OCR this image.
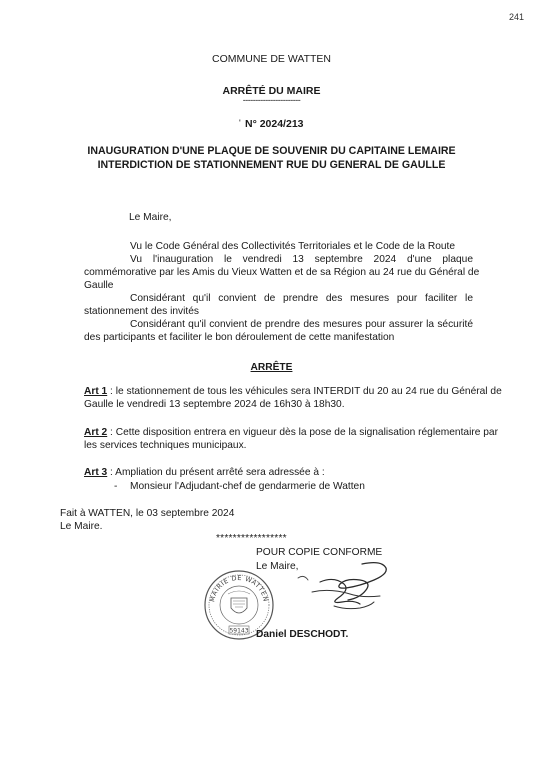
241
COMMUNE DE WATTEN
ARRÊTÉ DU MAIRE
-----------------------
' N° 2024/213
INAUGURATION D'UNE PLAQUE DE SOUVENIR DU CAPITAINE LEMAIRE
INTERDICTION DE STATIONNEMENT RUE DU GENERAL DE GAULLE
Le Maire,
Vu le Code Général des Collectivités Territoriales et le Code de la Route
Vu l'inauguration le vendredi 13 septembre 2024 d'une plaque
commémorative par les Amis du Vieux Watten et de sa Région au 24 rue du Général de
Gaulle
Considérant qu'il convient de prendre des mesures pour faciliter le
stationnement des invités
Considérant qu'il convient de prendre des mesures pour assurer la sécurité
des participants et faciliter le bon déroulement de cette manifestation
ARRÊTE
Art 1 : le stationnement de tous les véhicules sera INTERDIT du 20 au 24 rue du Général de
Gaulle le vendredi 13 septembre 2024 de 16h30 à 18h30.
Art 2 : Cette disposition entrera en vigueur dès la pose de la signalisation réglementaire par
les services techniques municipaux.
Art 3 : Ampliation du présent arrêté sera adressée à :
- Monsieur l'Adjudant-chef de gendarmerie de Watten
Fait à WATTEN, le 03 septembre 2024
Le Maire.
*****************
POUR COPIE CONFORME
Le Maire,
MAIRIE DE WATTEN
59143 Daniel DESCHODT.
